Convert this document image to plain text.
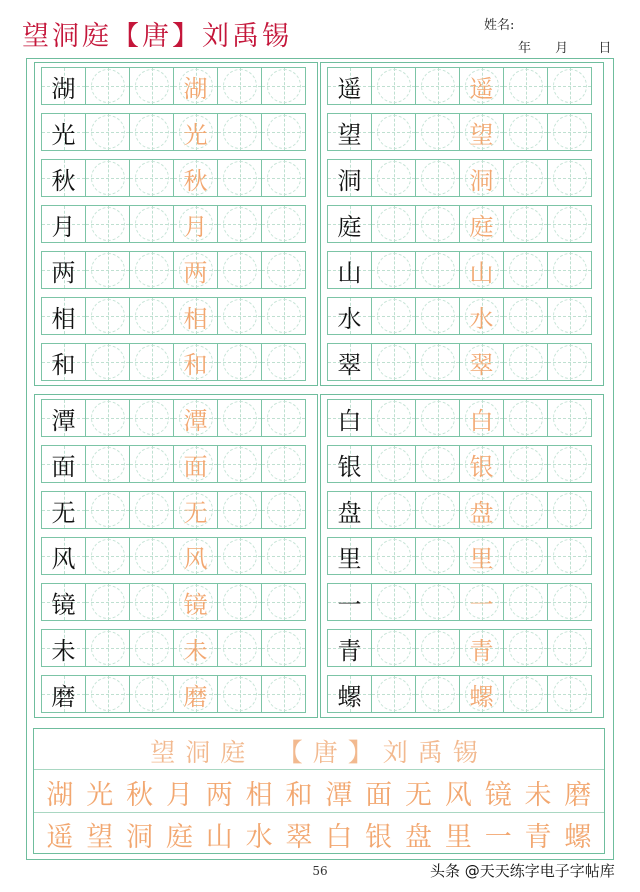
望洞庭【唐】刘禹锡	姓名:
年 月 日
湖	湖
光	光
秋	秋
月	月
两	两
相	相
和	和
遥	遥
望	望
洞	洞
庭	庭
山	山
水	水
翠	翠
潭	潭
面	面
无	无
风	风
镜	镜
未	未
磨	磨
白	白
银	银
盘	盘
里	里
一	一
青	青
螺	螺
望洞庭　【唐】刘禹锡
湖 光 秋 月 两 相 和 潭 面 无 风 镜 未 磨
遥 望 洞 庭 山 水 翠 白 银 盘 里 一 青 螺
56	头条 @天天练字电子字帖库
